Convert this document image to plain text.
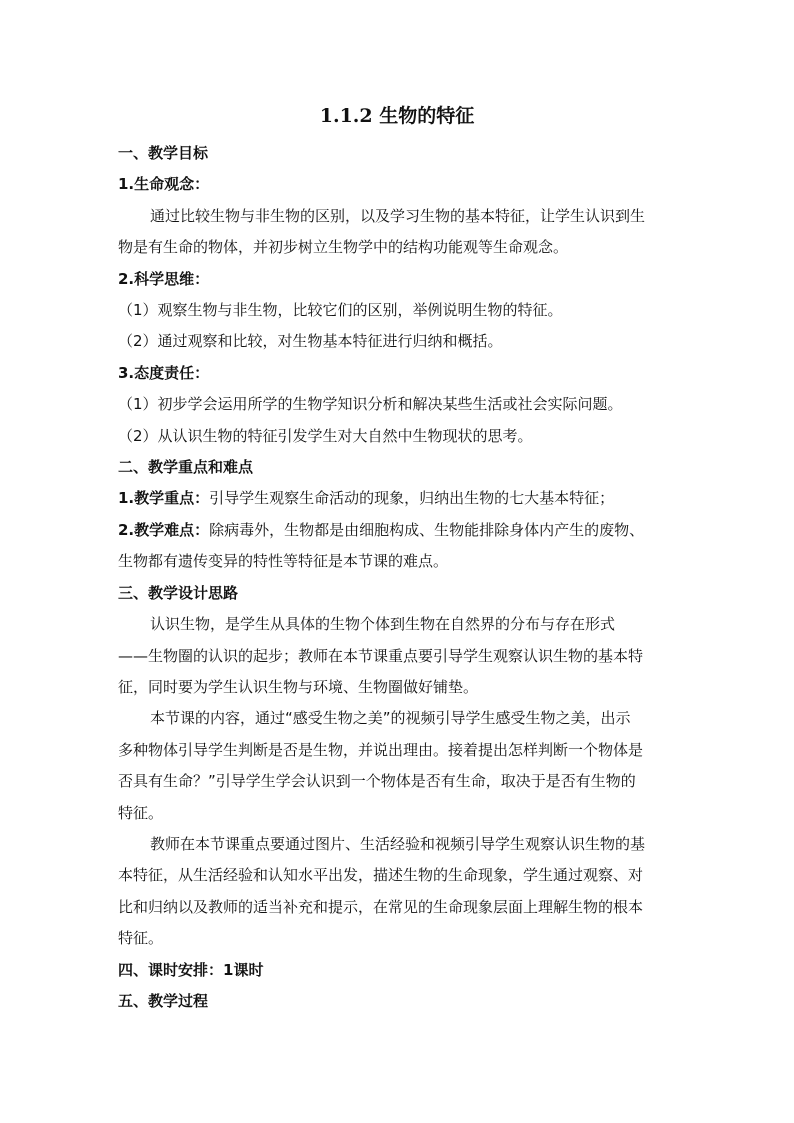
1.1.2 生物的特征
一、教学目标
1.生命观念：
通过比较生物与非生物的区别，以及学习生物的基本特征，让学生认识到生
物是有生命的物体，并初步树立生物学中的结构功能观等生命观念。
2.科学思维：
（1）观察生物与非生物，比较它们的区别，举例说明生物的特征。
（2）通过观察和比较，对生物基本特征进行归纳和概括。
3.态度责任：
（1）初步学会运用所学的生物学知识分析和解决某些生活或社会实际问题。
（2）从认识生物的特征引发学生对大自然中生物现状的思考。
二、教学重点和难点
1.教学重点：引导学生观察生命活动的现象，归纳出生物的七大基本特征；
2.教学难点：除病毒外，生物都是由细胞构成、生物能排除身体内产生的废物、
生物都有遗传变异的特性等特征是本节课的难点。
三、教学设计思路
认识生物，是学生从具体的生物个体到生物在自然界的分布与存在形式
——生物圈的认识的起步；教师在本节课重点要引导学生观察认识生物的基本特
征，同时要为学生认识生物与环境、生物圈做好铺垫。
本节课的内容，通过“感受生物之美”的视频引导学生感受生物之美，出示
多种物体引导学生判断是否是生物，并说出理由。接着提出怎样判断一个物体是
否具有生命？”引导学生学会认识到一个物体是否有生命，取决于是否有生物的
特征。
教师在本节课重点要通过图片、生活经验和视频引导学生观察认识生物的基
本特征，从生活经验和认知水平出发，描述生物的生命现象，学生通过观察、对
比和归纳以及教师的适当补充和提示，在常见的生命现象层面上理解生物的根本
特征。
四、课时安排：1课时
五、教学过程
